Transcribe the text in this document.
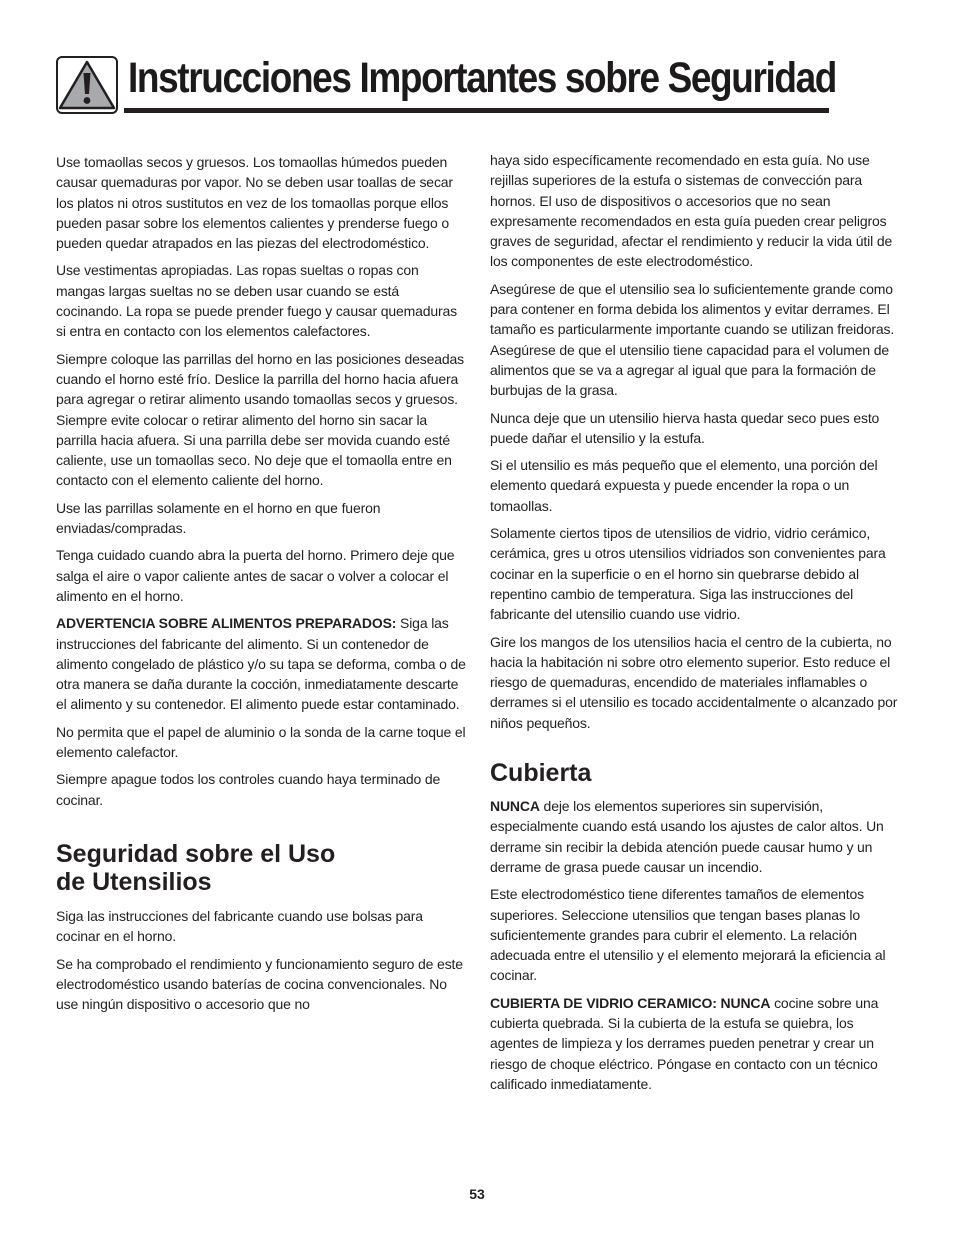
Instrucciones Importantes sobre Seguridad

Use tomaollas secos y gruesos. Los tomaollas húmedos pueden causar quemaduras por vapor. No se deben usar toallas de secar los platos ni otros sustitutos en vez de los tomaollas porque ellos pueden pasar sobre los elementos calientes y prenderse fuego o pueden quedar atrapados en las piezas del electrodoméstico.

Use vestimentas apropiadas. Las ropas sueltas o ropas con mangas largas sueltas no se deben usar cuando se está cocinando. La ropa se puede prender fuego y causar quemaduras si entra en contacto con los elementos calefactores.

Siempre coloque las parrillas del horno en las posiciones deseadas cuando el horno esté frío. Deslice la parrilla del horno hacia afuera para agregar o retirar alimento usando tomaollas secos y gruesos. Siempre evite colocar o retirar alimento del horno sin sacar la parrilla hacia afuera. Si una parrilla debe ser movida cuando esté caliente, use un tomaollas seco. No deje que el tomaolla entre en contacto con el elemento caliente del horno.

Use las parrillas solamente en el horno en que fueron enviadas/compradas.

Tenga cuidado cuando abra la puerta del horno. Primero deje que salga el aire o vapor caliente antes de sacar o volver a colocar el alimento en el horno.

ADVERTENCIA SOBRE ALIMENTOS PREPARADOS: Siga las instrucciones del fabricante del alimento. Si un contenedor de alimento congelado de plástico y/o su tapa se deforma, comba o de otra manera se daña durante la cocción, inmediatamente descarte el alimento y su contenedor. El alimento puede estar contaminado.

No permita que el papel de aluminio o la sonda de la carne toque el elemento calefactor.

Siempre apague todos los controles cuando haya terminado de cocinar.

Seguridad sobre el Uso
de Utensilios

Siga las instrucciones del fabricante cuando use bolsas para cocinar en el horno.

Se ha comprobado el rendimiento y funcionamiento seguro de este electrodoméstico usando baterías de cocina convencionales. No use ningún dispositivo o accesorio que no

haya sido específicamente recomendado en esta guía. No use rejillas superiores de la estufa o sistemas de convección para hornos. El uso de dispositivos o accesorios que no sean expresamente recomendados en esta guía pueden crear peligros graves de seguridad, afectar el rendimiento y reducir la vida útil de los componentes de este electrodoméstico.

Asegúrese de que el utensilio sea lo suficientemente grande como para contener en forma debida los alimentos y evitar derrames. El tamaño es particularmente importante cuando se utilizan freidoras. Asegúrese de que el utensilio tiene capacidad para el volumen de alimentos que se va a agregar al igual que para la formación de burbujas de la grasa.

Nunca deje que un utensilio hierva hasta quedar seco pues esto puede dañar el utensilio y la estufa.

Si el utensilio es más pequeño que el elemento, una porción del elemento quedará expuesta y puede encender la ropa o un tomaollas.

Solamente ciertos tipos de utensilios de vidrio, vidrio cerámico, cerámica, gres u otros utensilios vidriados son convenientes para cocinar en la superficie o en el horno sin quebrarse debido al repentino cambio de temperatura. Siga las instrucciones del fabricante del utensilio cuando use vidrio.

Gire los mangos de los utensilios hacia el centro de la cubierta, no hacia la habitación ni sobre otro elemento superior. Esto reduce el riesgo de quemaduras, encendido de materiales inflamables o derrames si el utensilio es tocado accidentalmente o alcanzado por niños pequeños.

Cubierta

NUNCA deje los elementos superiores sin supervisión, especialmente cuando está usando los ajustes de calor altos. Un derrame sin recibir la debida atención puede causar humo y un derrame de grasa puede causar un incendio.

Este electrodoméstico tiene diferentes tamaños de elementos superiores. Seleccione utensilios que tengan bases planas lo suficientemente grandes para cubrir el elemento. La relación adecuada entre el utensilio y el elemento mejorará la eficiencia al cocinar.

CUBIERTA DE VIDRIO CERAMICO: NUNCA cocine sobre una cubierta quebrada. Si la cubierta de la estufa se quiebra, los agentes de limpieza y los derrames pueden penetrar y crear un riesgo de choque eléctrico. Póngase en contacto con un técnico calificado inmediatamente.

53
